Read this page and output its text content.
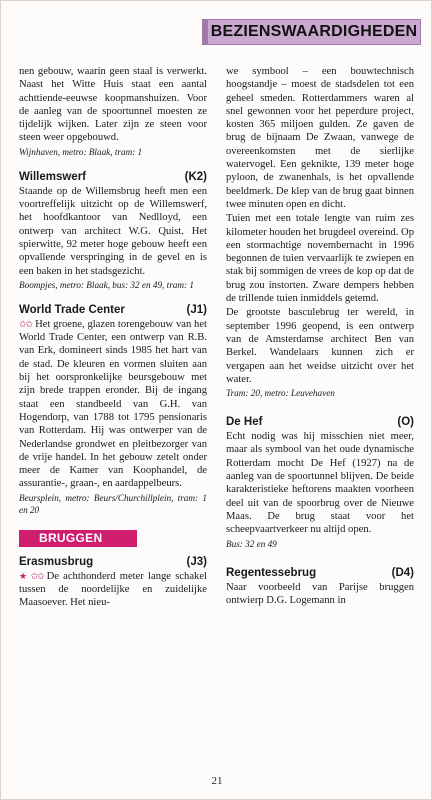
BEZIENSWAARDIGHEDEN
nen gebouw, waarin geen staal is verwerkt. Naast het Witte Huis staat een aantal achttiende-eeuwse koopmanshuizen. Voor de aanleg van de spoortunnel moesten ze tijdelijk wijken. Later zijn ze steen voor steen weer opgebouwd.
Wijnhaven, metro: Blaak, tram: 1
Willemswerf	(K2)
Staande op de Willemsbrug heeft men een voortreffelijk uitzicht op de Willemswerf, het hoofdkantoor van Nedlloyd, een ontwerp van architect W.G. Quist. Het spierwitte, 92 meter hoge gebouw heeft een opvallende verspringing in de gevel en is een baken in het stadsgezicht.
Boompjes, metro: Blaak, bus: 32 en 49, tram: 1
World Trade Center	(J1)
✩✩ Het groene, glazen torengebouw van het World Trade Center, een ontwerp van R.B. van Erk, domineert sinds 1985 het hart van de stad. De kleuren en vormen sluiten aan bij het oorspronkelijke beursgebouw met zijn brede trappen eronder. Bij de ingang staat een standbeeld van G.H. van Hogendorp, van 1788 tot 1795 pensionaris van Rotterdam. Hij was ontwerper van de Nederlandse grondwet en pleitbezorger van de vrije handel. In het gebouw zetelt onder meer de Kamer van Koophandel, de assurantie-, graan-, en aardappelbeurs.
Beursplein, metro: Beurs/Churchillplein, tram: 1 en 20
BRUGGEN
Erasmusbrug	(J3)
★ ✩✩ De achthonderd meter lange schakel tussen de noordelijke en zuidelijke Maasoever. Het nieu-
we symbool – een bouwtechnisch hoogstandje – moest de stadsdelen tot een geheel smeden. Rotterdammers waren al snel gewonnen voor het peperdure project, kosten 365 miljoen gulden. Ze gaven de brug de bijnaam De Zwaan, vanwege de overeenkomsten met de sierlijke watervogel. Een geknikte, 139 meter hoge pyloon, de zwanenhals, is het opvallende beeldmerk. De klep van de brug gaat binnen twee minuten open en dicht.
Tuien met een totale lengte van ruim zes kilometer houden het brugdeel overeind. Op een stormachtige novembernacht in 1996 begonnen de tuien vervaarlijk te zwiepen en stak bij sommigen de vrees de kop op dat de brug zou instorten. Zware dempers hebben de trillende tuien inmiddels getemd.
De grootste basculebrug ter wereld, in september 1996 geopend, is een ontwerp van de Amsterdamse architect Ben van Berkel. Wandelaars kunnen zich er vergapen aan het weidse uitzicht over het water.
Tram: 20, metro: Leuvehaven
De Hef	(O)
Echt nodig was hij misschien niet meer, maar als symbool van het oude dynamische Rotterdam mocht De Hef (1927) na de aanleg van de spoortunnel blijven. De beide karakteristieke heftorens maakten voorheen deel uit van de spoorbrug over de Nieuwe Maas. De brug staat voor het scheepvaartverkeer nu altijd open.
Bus: 32 en 49
Regentessebrug	(D4)
Naar voorbeeld van Parijse bruggen ontwierp D.G. Logemann in
21
